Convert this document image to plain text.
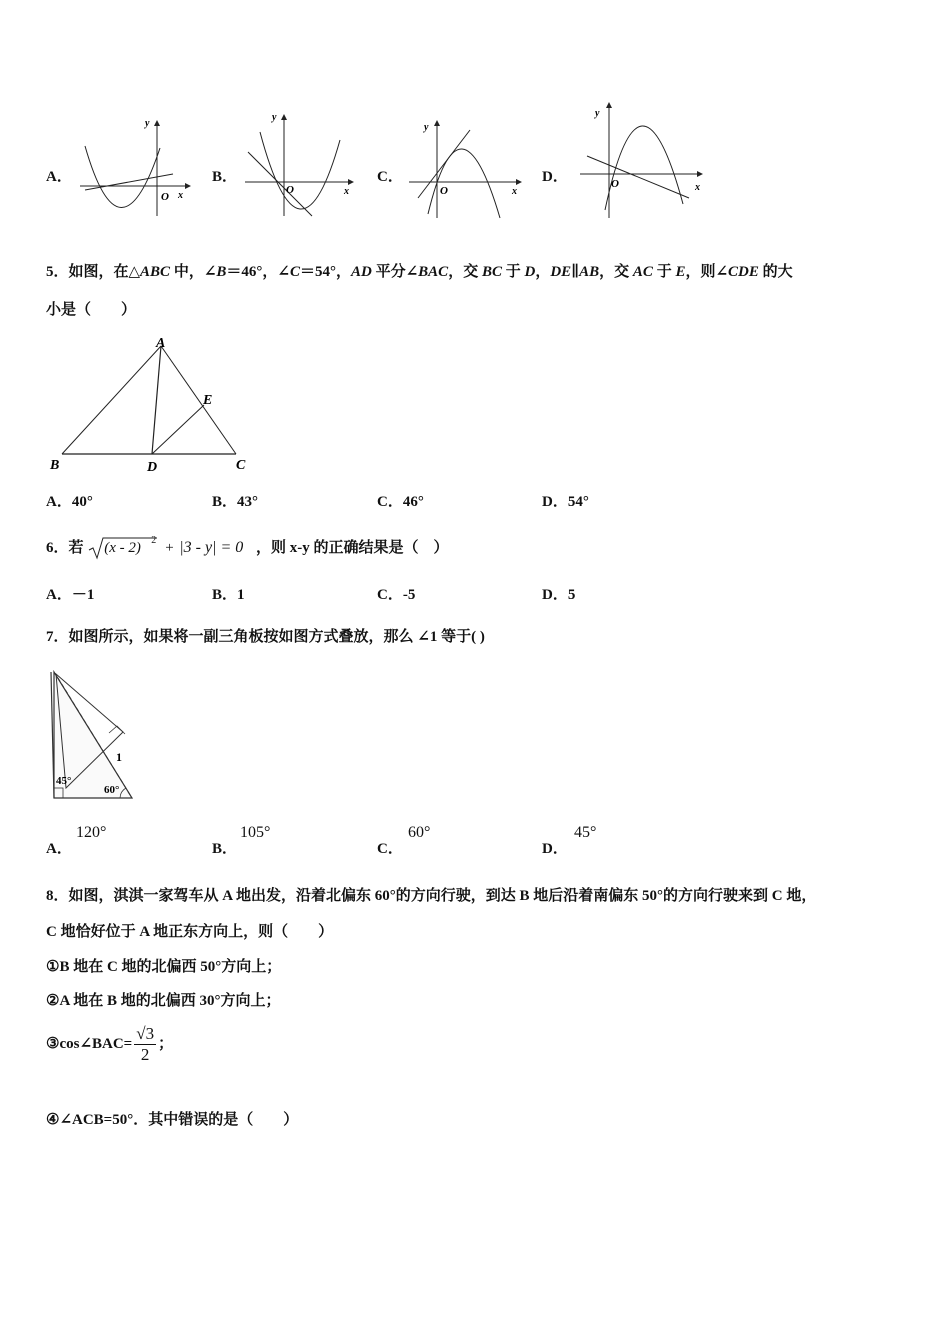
A．
y
O x
B．
y
O	x
C．
y
O	x
D．
y
O	x
5．如图，在△ABC 中，∠B＝46°，∠C＝54°，AD 平分∠BAC，交 BC 于 D，DE∥AB，交 AC 于 E，则∠CDE 的大
小是（　　）
A
B	D	C
E
A．40°	B．43°	C．46°	D．54°
6．若 (x - 2) 2 + |3 - y| = 0 ，则 x-y 的正确结果是（　）
A．－1	B．1	C．-5	D．5
7．如图所示，如果将一副三角板按如图方式叠放，那么 ∠1 等于( )
1
45°
60°
A．
120°
B．
105°
C．
60°
D．
45°
8．如图，淇淇一家驾车从 A 地出发，沿着北偏东 60°的方向行驶，到达 B 地后沿着南偏东 50°的方向行驶来到 C 地，
C 地恰好位于 A 地正东方向上，则（　　）
①B 地在 C 地的北偏西 50°方向上；
②A 地在 B 地的北偏西 30°方向上；
③cos∠BAC= $\frac{√3}{2}$ ；
④∠ACB=50°．其中错误的是（　　）
